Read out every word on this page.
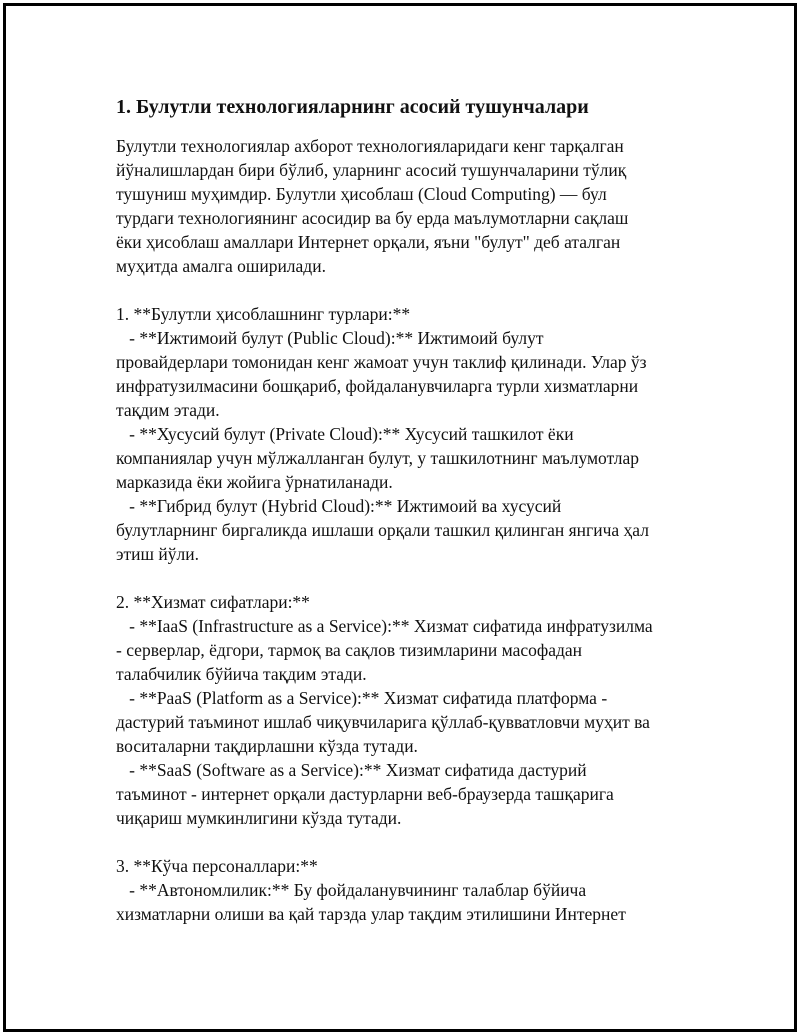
1. Булутли технологияларнинг асосий тушунчалари
Булутли технологиялар ахборот технологияларидаги кенг тарқалган
йўналишлардан бири бўлиб, уларнинг асосий тушунчаларини тўлиқ
тушуниш муҳимдир. Булутли ҳисоблаш (Cloud Computing) — бул
турдаги технологиянинг асосидир ва бу ерда маълумотларни сақлаш
ёки ҳисоблаш амаллари Интернет орқали, яъни "булут" деб аталган
муҳитда амалга оширилади.
1. **Булутли ҳисоблашнинг турлари:**
- **Ижтимоий булут (Public Cloud):** Ижтимоий булут
провайдерлари томонидан кенг жамоат учун таклиф қилинади. Улар ўз
инфратузилмасини бошқариб, фойдаланувчиларга турли хизматларни
тақдим этади.
- **Хусусий булут (Private Cloud):** Хусусий ташкилот ёки
компаниялар учун мўлжалланган булут, у ташкилотнинг маълумотлар
марказида ёки жойига ўрнатиланади.
- **Гибрид булут (Hybrid Cloud):** Ижтимоий ва хусусий
булутларнинг биргаликда ишлаши орқали ташкил қилинган янгича ҳал
этиш йўли.
2. **Хизмат сифатлари:**
- **IaaS (Infrastructure as a Service):** Хизмат сифатида инфратузилма
- серверлар, ёдгори, тармоқ ва сақлов тизимларини масофадан
талабчилик бўйича тақдим этади.
- **PaaS (Platform as a Service):** Хизмат сифатида платформа -
дастурий таъминот ишлаб чиқувчиларига қўллаб-қувватловчи муҳит ва
воситаларни тақдирлашни кўзда тутади.
- **SaaS (Software as a Service):** Хизмат сифатида дастурий
таъминот - интернет орқали дастурларни веб-браузерда ташқарига
чиқариш мумкинлигини кўзда тутади.
3. **Кўча персоналлари:**
- **Автономлилик:** Бу фойдаланувчининг талаблар бўйича
хизматларни олиши ва қай тарзда улар тақдим этилишини Интернет
